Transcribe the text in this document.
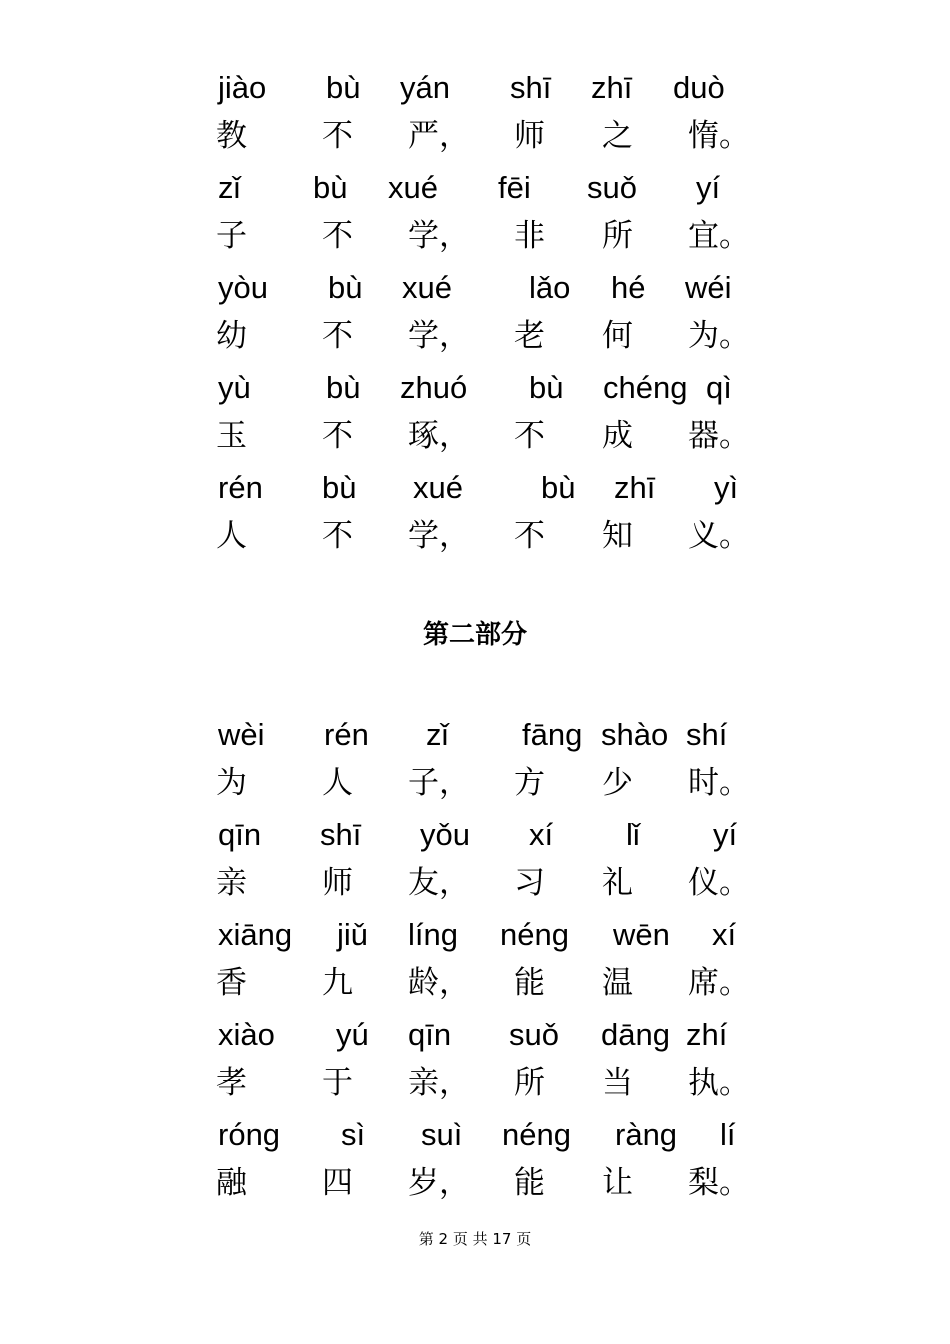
jiào bù yán shī zhī duò
教 不 严， 师 之 惰。
zǐ bù xué fēi suǒ yí
子 不 学， 非 所 宜。
yòu bù xué lǎo hé wéi
幼 不 学， 老 何 为。
yù bù zhuó bù chéng qì
玉 不 琢， 不 成 器。
rén bù xué	bù zhī yì
人 不 学， 不 知 义。
第二部分
wèi rén zǐ fāng shào shí
为 人 子， 方 少 时。
qīn shī yǒu xí lǐ yí
亲 师 友， 习 礼 仪。
xiāng jiǔ líng néng wēn xí
香 九 龄， 能 温 席。
xiào yú qīn suǒ dāng zhí
孝 于 亲， 所 当 执。
róng sì suì néng ràng lí
融 四 岁， 能 让 梨。
第 2 页 共 17 页
